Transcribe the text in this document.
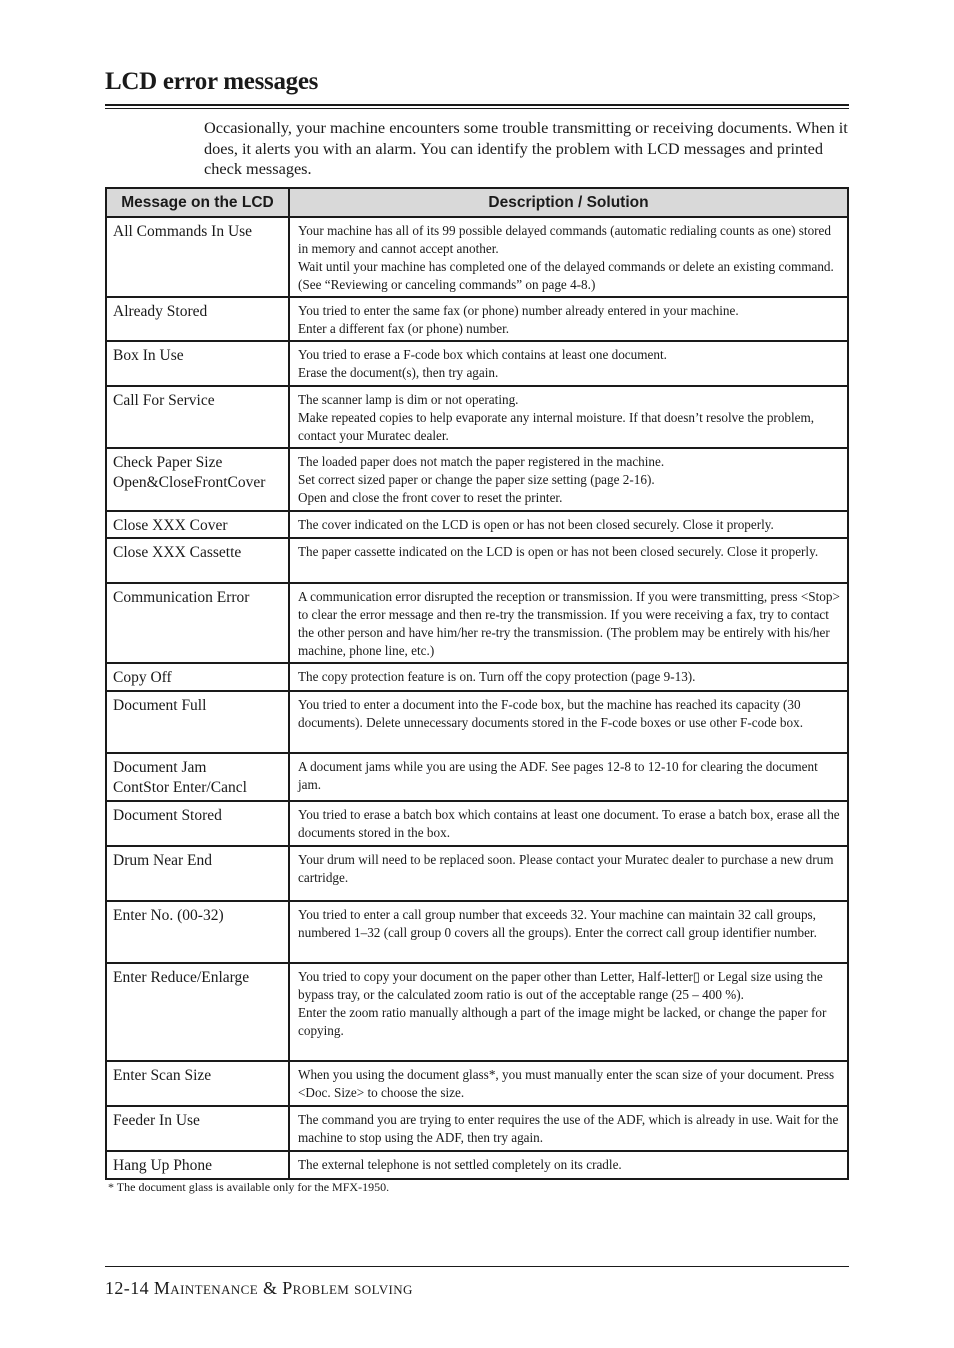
LCD error messages

Occasionally, your machine encounters some trouble transmitting or receiving documents. When it does, it alerts you with an alarm. You can identify the problem with LCD messages and printed check messages.

Message on the LCD	Description / Solution
All Commands In Use	Your machine has all of its 99 possible delayed commands (automatic redialing counts as one) stored in memory and cannot accept another.
Wait until your machine has completed one of the delayed commands or delete an existing command. (See “Reviewing or canceling commands” on page 4-8.)
Already Stored	You tried to enter the same fax (or phone) number already entered in your machine.
Enter a different fax (or phone) number.
Box In Use	You tried to erase a F-code box which contains at least one document.
Erase the document(s), then try again.
Call For Service	The scanner lamp is dim or not operating.
Make repeated copies to help evaporate any internal moisture. If that doesn’t resolve the problem, contact your Muratec dealer.
Check Paper Size
Open&CloseFrontCover	The loaded paper does not match the paper registered in the machine.
Set correct sized paper or change the paper size setting (page 2-16).
Open and close the front cover to reset the printer.
Close XXX Cover	The cover indicated on the LCD is open or has not been closed securely. Close it properly.
Close XXX Cassette	The paper cassette indicated on the LCD is open or has not been closed securely. Close it properly.
Communication Error	A communication error disrupted the reception or transmission. If you were transmitting, press <Stop> to clear the error message and then re-try the transmission. If you were receiving a fax, try to contact the other person and have him/her re-try the transmission. (The problem may be entirely with his/her machine, phone line, etc.)
Copy Off	The copy protection feature is on. Turn off the copy protection (page 9-13).
Document Full	You tried to enter a document into the F-code box, but the machine has reached its capacity (30 documents). Delete unnecessary documents stored in the F-code boxes or use other F-code box.
Document Jam
ContStor Enter/Cancl	A document jams while you are using the ADF. See pages 12-8 to 12-10 for clearing the document jam.
Document Stored	You tried to erase a batch box which contains at least one document. To erase a batch box, erase all the documents stored in the box.
Drum Near End	Your drum will need to be replaced soon. Please contact your Muratec dealer to purchase a new drum cartridge.
Enter No. (00-32)	You tried to enter a call group number that exceeds 32. Your machine can maintain 32 call groups, numbered 1–32 (call group 0 covers all the groups). Enter the correct call group identifier number.
Enter Reduce/Enlarge	You tried to copy your document on the paper other than Letter, Half-letter▯ or Legal size using the bypass tray, or the calculated zoom ratio is out of the acceptable range (25 – 400 %).
Enter the zoom ratio manually although a part of the image might be lacked, or change the paper for copying.
Enter Scan Size	When you using the document glass*, you must manually enter the scan size of your document. Press <Doc. Size> to choose the size.
Feeder In Use	The command you are trying to enter requires the use of the ADF, which is already in use. Wait for the machine to stop using the ADF, then try again.
Hang Up Phone	The external telephone is not settled completely on its cradle.

* The document glass is available only for the MFX-1950.

12-14 Maintenance & Problem solving
